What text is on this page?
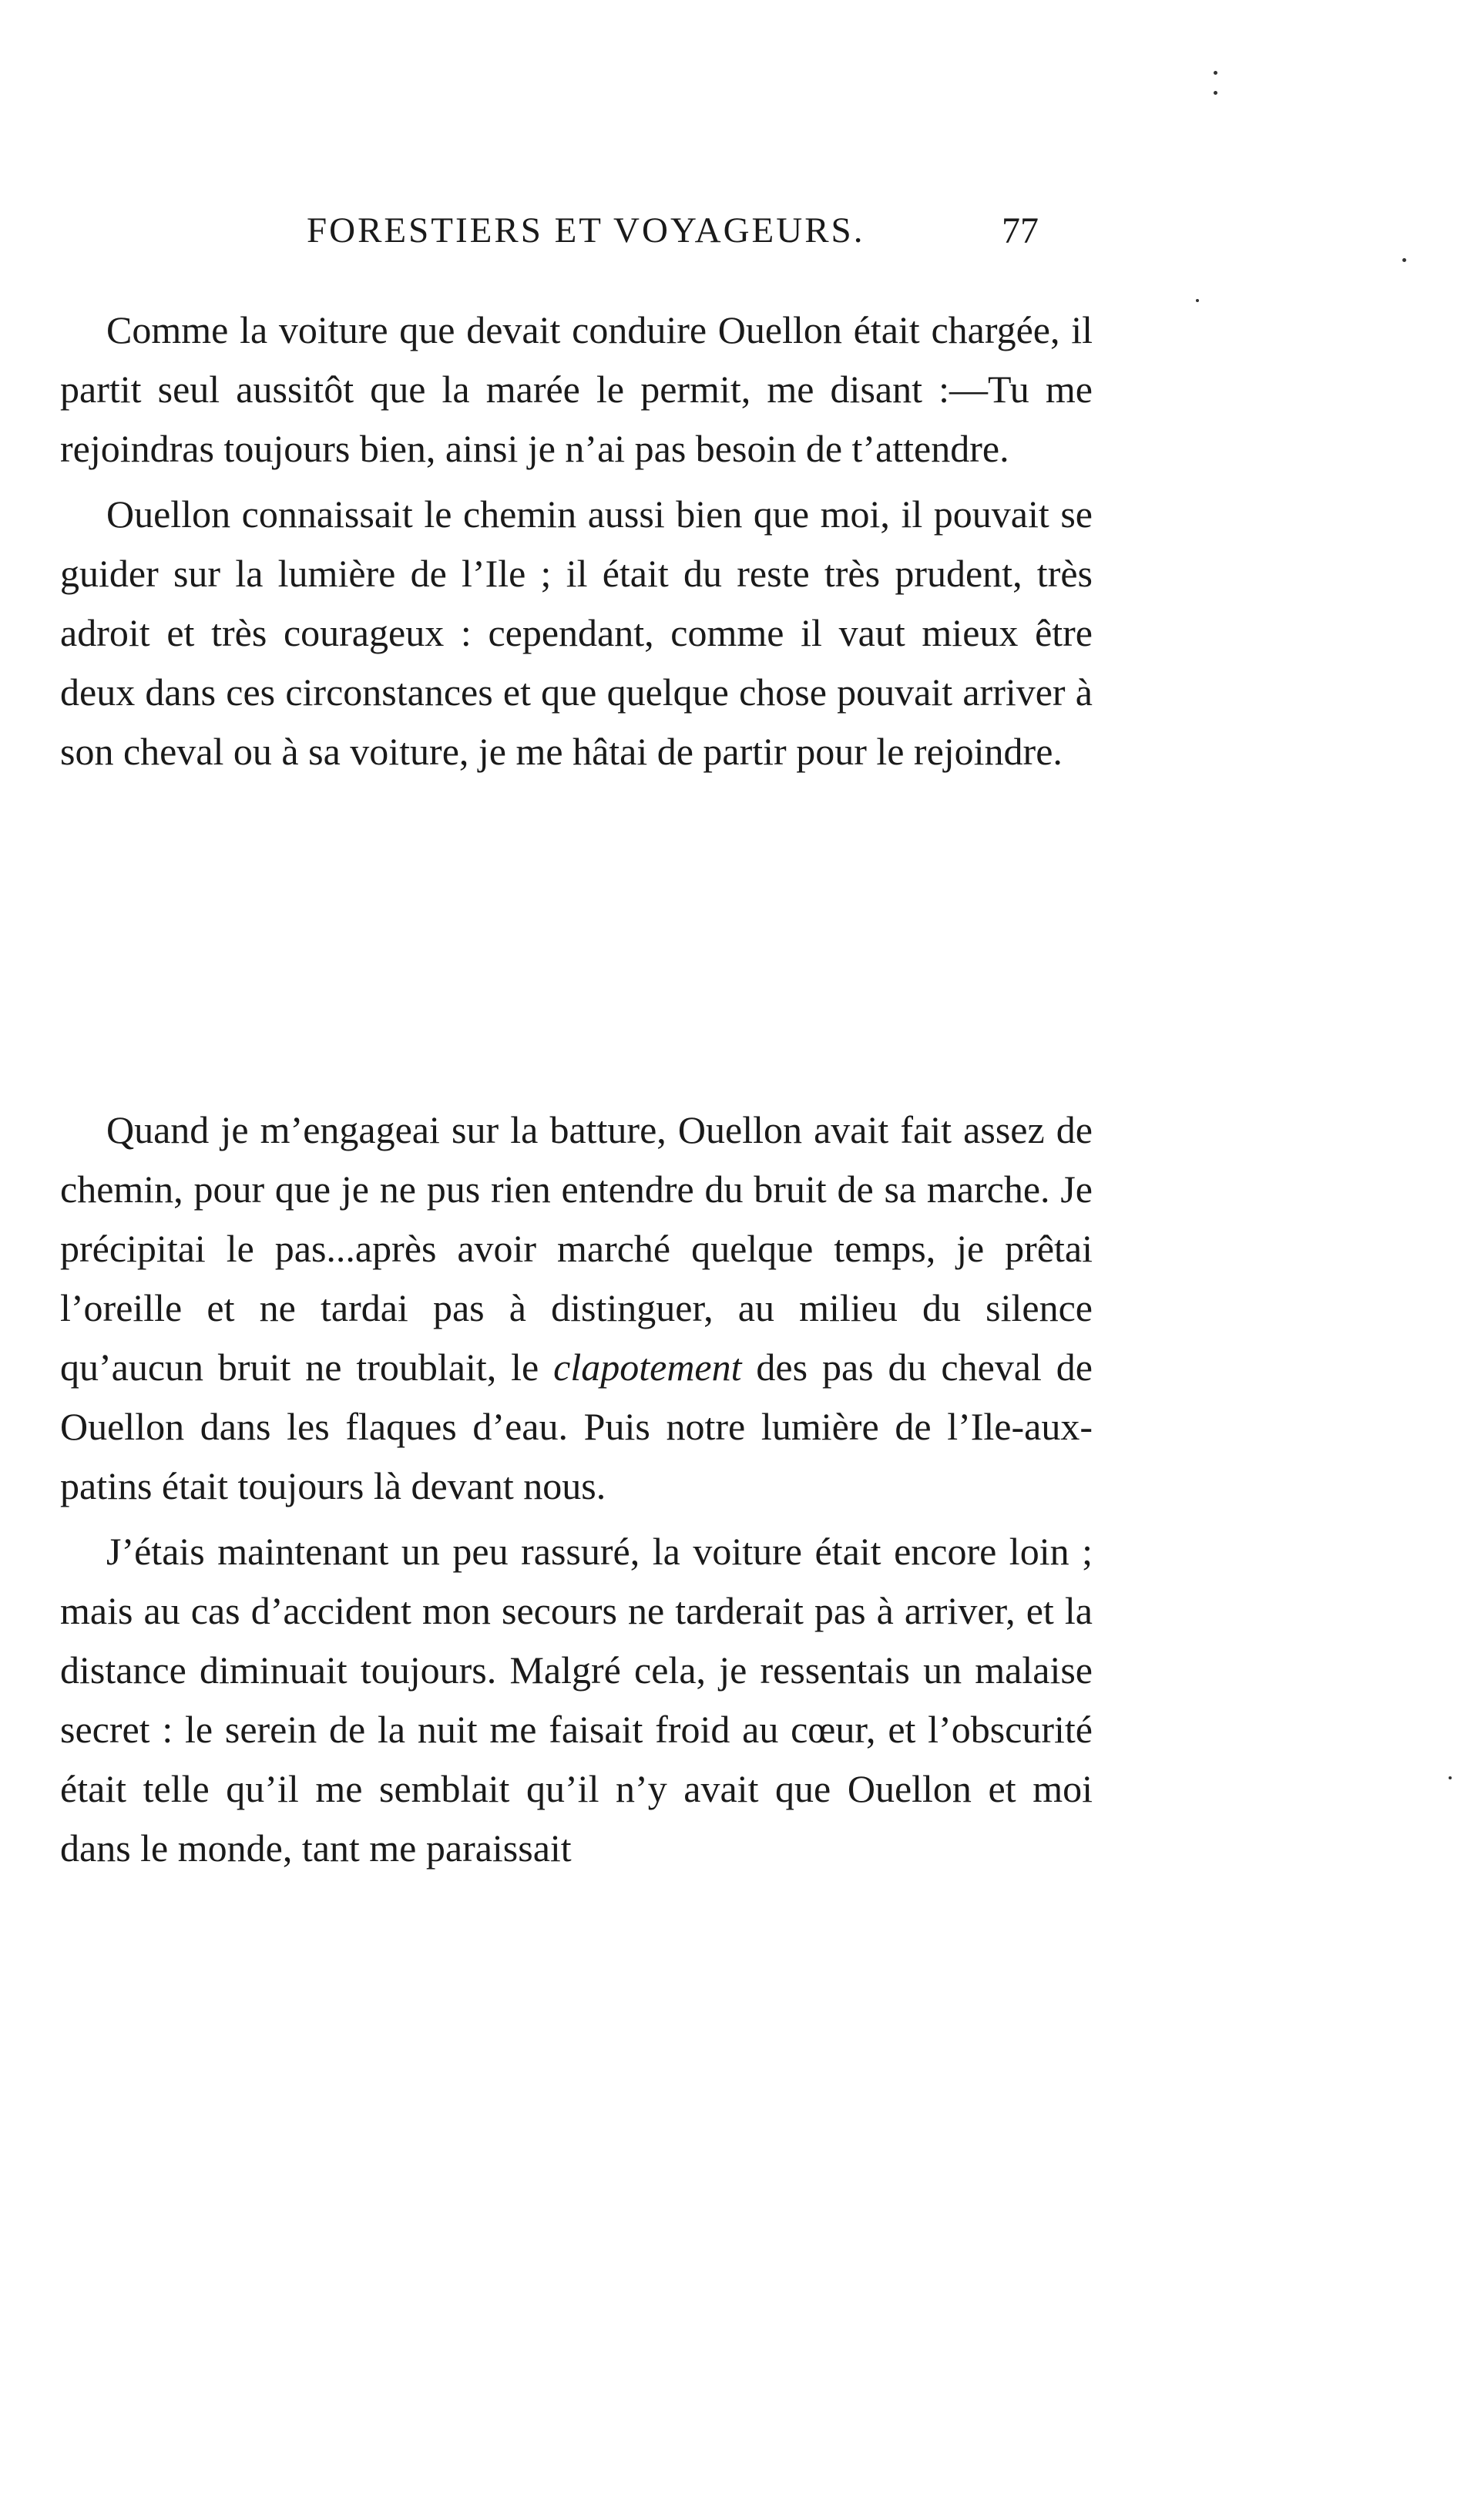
FORESTIERS ET VOYAGEURS.	77

Comme la voiture que devait conduire Ouellon était chargée, il partit seul aussitôt que la marée le permit, me disant :—Tu me rejoindras toujours bien, ainsi je n’ai pas besoin de t’attendre.

Ouellon connaissait le chemin aussi bien que moi, il pouvait se guider sur la lumière de l’Ile ; il était du reste très prudent, très adroit et très courageux : cependant, comme il vaut mieux être deux dans ces circonstances et que quelque chose pouvait arriver à son cheval ou à sa voiture, je me hâtai de partir pour le rejoindre.

Quand je m’engageai sur la batture, Ouellon avait fait assez de chemin, pour que je ne pus rien entendre du bruit de sa marche. Je précipitai le pas...après avoir marché quelque temps, je prêtai l’oreille et ne tardai pas à distinguer, au milieu du silence qu’aucun bruit ne troublait, le clapotement des pas du cheval de Ouellon dans les flaques d’eau. Puis notre lumière de l’Ile-aux-patins était toujours là devant nous.

J’étais maintenant un peu rassuré, la voiture était encore loin ; mais au cas d’accident mon secours ne tarderait pas à arriver, et la distance diminuait toujours. Malgré cela, je ressentais un malaise secret : le serein de la nuit me faisait froid au cœur, et l’obscurité était telle qu’il me semblait qu’il n’y avait que Ouellon et moi dans le monde, tant me paraissait
